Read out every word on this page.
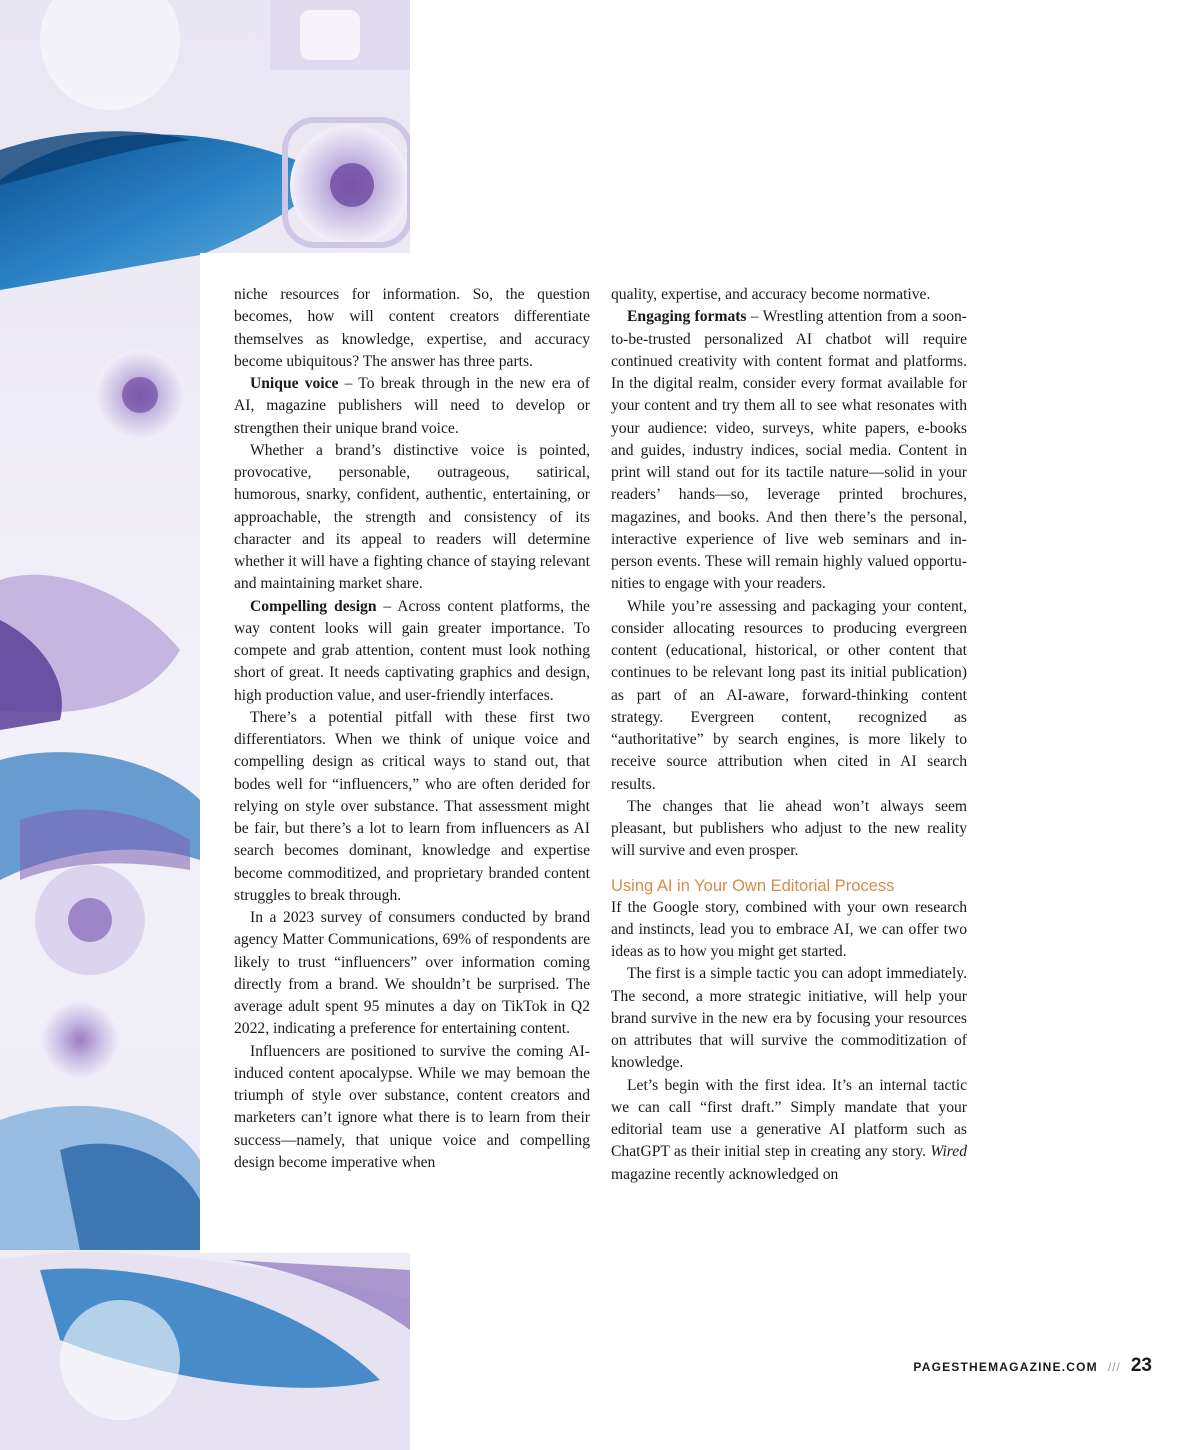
niche resources for information. So, the question becomes, how will content creators differentiate themselves as knowledge, expertise, and accuracy become ubiquitous? The answer has three parts.

Unique voice – To break through in the new era of AI, magazine publishers will need to develop or strengthen their unique brand voice.

Whether a brand’s distinctive voice is pointed, provocative, personable, outrageous, satirical, humorous, snarky, confident, authentic, entertaining, or approachable, the strength and consistency of its character and its appeal to readers will determine whether it will have a fighting chance of staying relevant and maintaining market share.

Compelling design – Across content platforms, the way content looks will gain greater importance. To compete and grab attention, content must look nothing short of great. It needs captivating graphics and design, high production value, and user-friendly interfaces.

There’s a potential pitfall with these first two differentiators. When we think of unique voice and compelling design as critical ways to stand out, that bodes well for “influencers,” who are often derided for relying on style over substance. That assessment might be fair, but there’s a lot to learn from influencers as AI search becomes dominant, knowledge and expertise become commoditized, and proprietary branded content struggles to break through.

In a 2023 survey of consumers conducted by brand agency Matter Communications, 69% of respondents are likely to trust “influencers” over information coming directly from a brand. We shouldn’t be surprised. The average adult spent 95 minutes a day on TikTok in Q2 2022, indicating a preference for entertaining content.

Influencers are positioned to survive the coming AI-induced content apocalypse. While we may bemoan the triumph of style over substance, content creators and marketers can’t ignore what there is to learn from their success—namely, that unique voice and compelling design become imperative when

quality, expertise, and accuracy become normative.

Engaging formats – Wrestling attention from a soon-to-be-trusted personalized AI chatbot will require continued creativity with content format and platforms. In the digital realm, consider every format available for your content and try them all to see what resonates with your audience: video, surveys, white papers, e-books and guides, industry indices, social media. Content in print will stand out for its tactile nature—solid in your readers’ hands—so, leverage printed brochures, magazines, and books. And then there’s the personal, interactive experience of live web seminars and in-person events. These will remain highly valued opportunities to engage with your readers.

While you’re assessing and packaging your content, consider allocating resources to producing evergreen content (educational, historical, or other content that continues to be relevant long past its initial publication) as part of an AI-aware, forward-thinking content strategy. Evergreen content, recognized as “authoritative” by search engines, is more likely to receive source attribution when cited in AI search results.

The changes that lie ahead won’t always seem pleasant, but publishers who adjust to the new reality will survive and even prosper.

Using AI in Your Own Editorial Process

If the Google story, combined with your own research and instincts, lead you to embrace AI, we can offer two ideas as to how you might get started.

The first is a simple tactic you can adopt immediately. The second, a more strategic initiative, will help your brand survive in the new era by focusing your resources on attributes that will survive the commoditization of knowledge.

Let’s begin with the first idea. It’s an internal tactic we can call “first draft.” Simply mandate that your editorial team use a generative AI platform such as ChatGPT as their initial step in creating any story. Wired magazine recently acknowledged on

PAGESTHEMAGAZINE.COM /// 23
